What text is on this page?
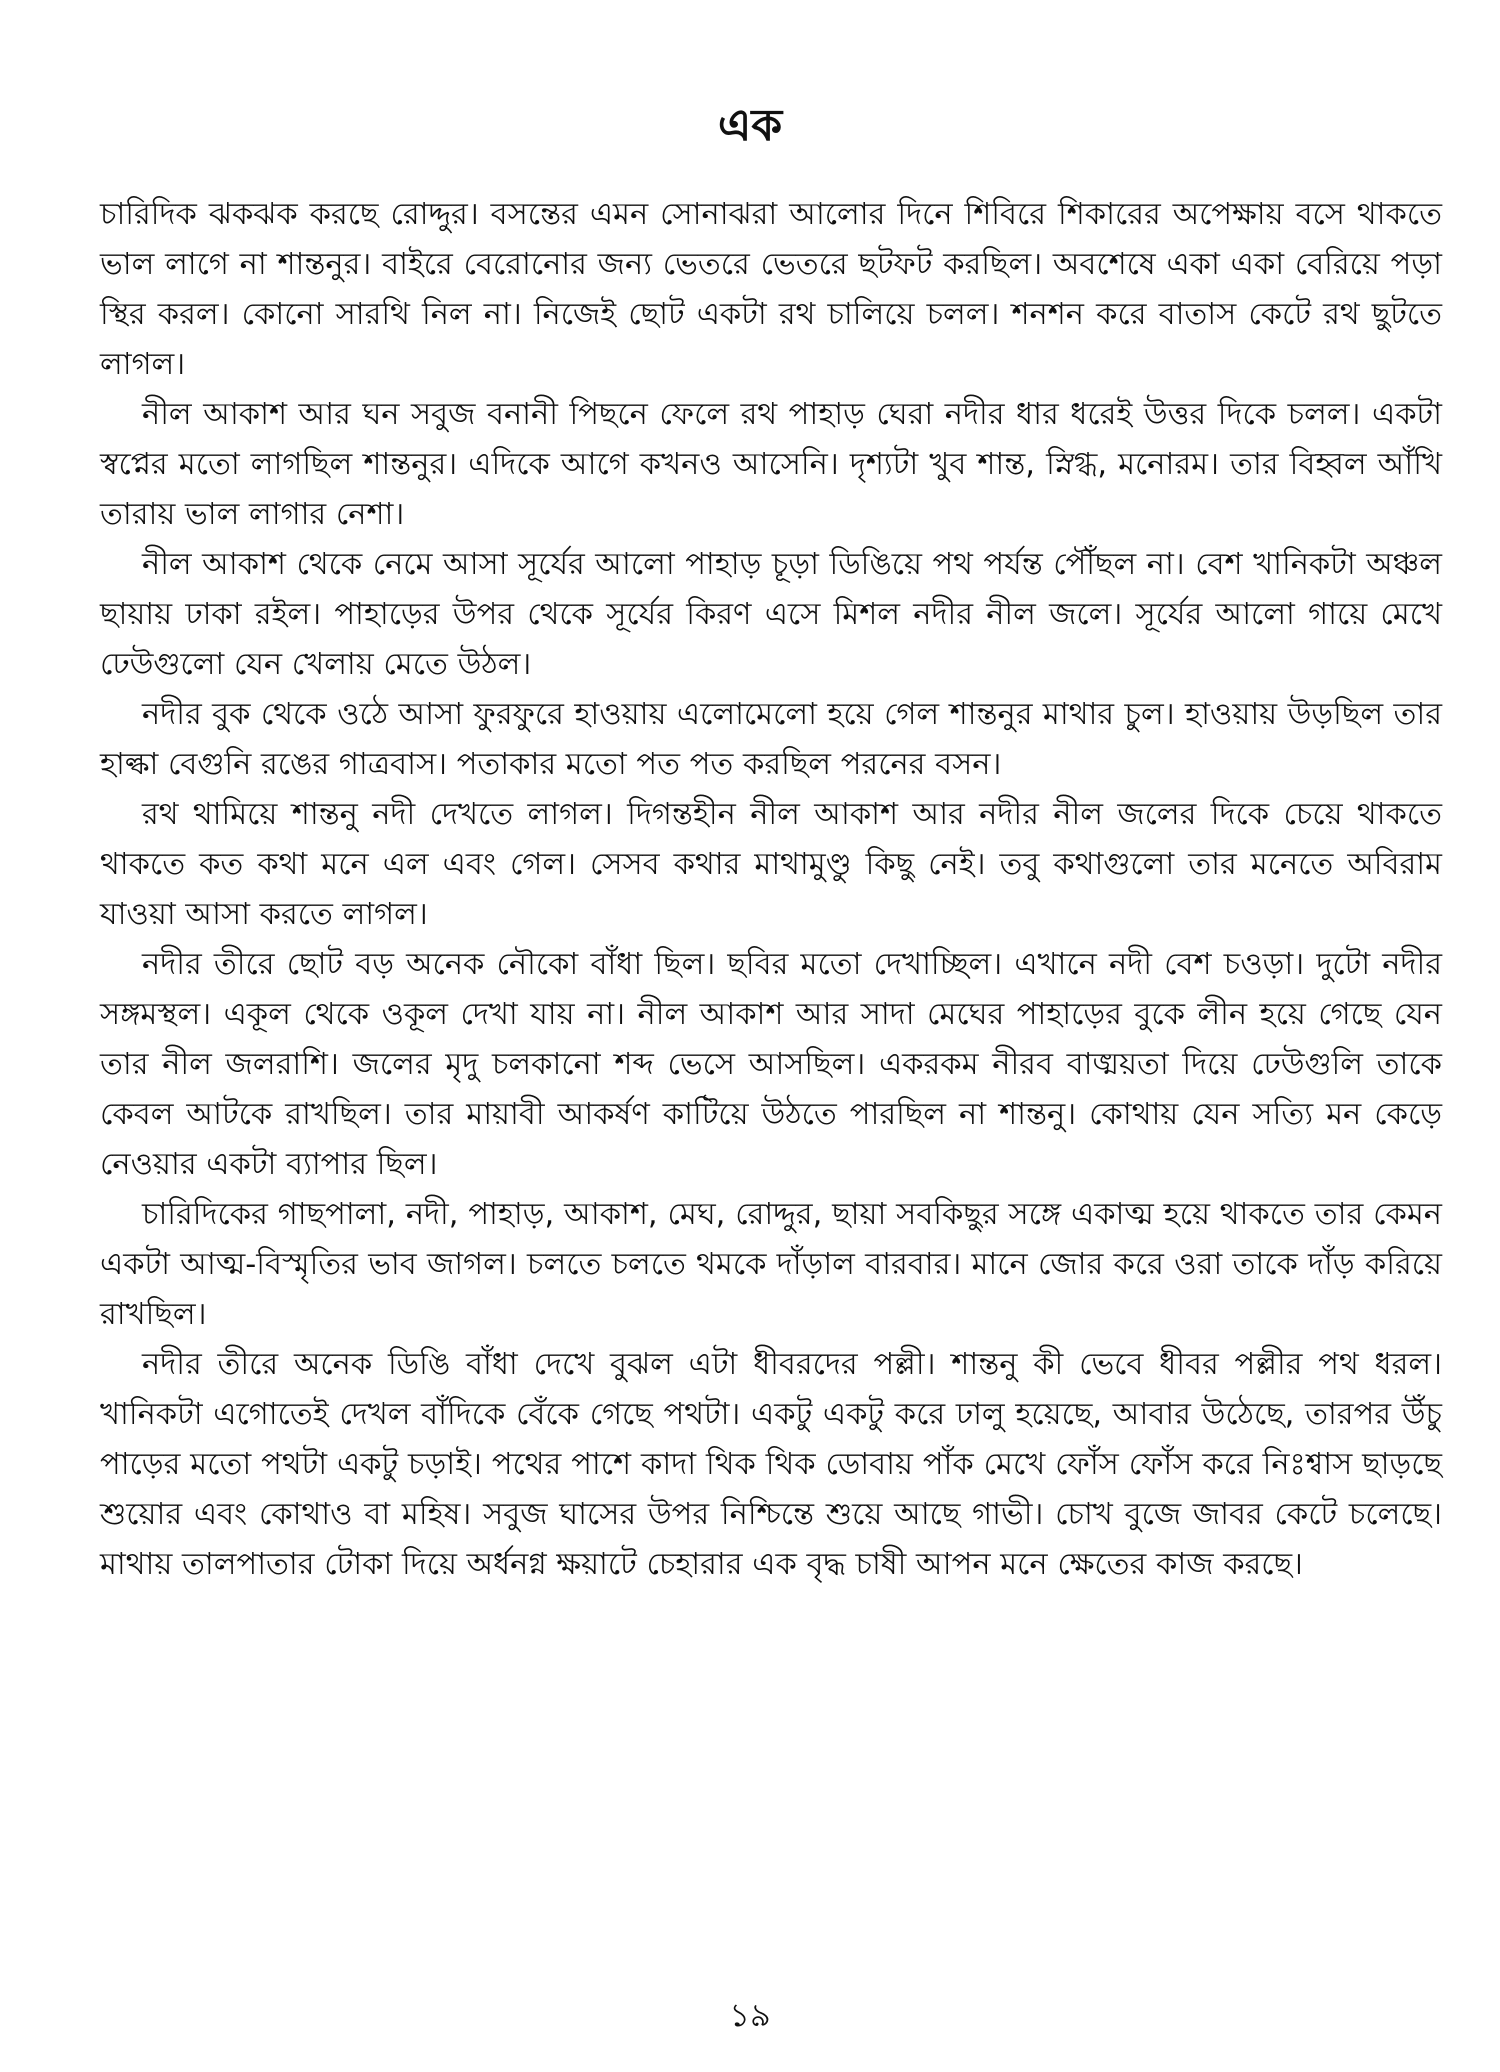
এক

চারিদিক ঝকঝক করছে রোদ্দুর। বসন্তের এমন সোনাঝরা আলোর দিনে শিবিরে শিকারের অপেক্ষায় বসে থাকতে ভাল লাগে না শান্তনুর। বাইরে বেরোনোর জন্য ভেতরে ভেতরে ছটফট করছিল। অবশেষে একা একা বেরিয়ে পড়া স্থির করল। কোনো সারথি নিল না। নিজেই ছোট একটা রথ চালিয়ে চলল। শনশন করে বাতাস কেটে রথ ছুটতে লাগল।

নীল আকাশ আর ঘন সবুজ বনানী পিছনে ফেলে রথ পাহাড় ঘেরা নদীর ধার ধরেই উত্তর দিকে চলল। একটা স্বপ্নের মতো লাগছিল শান্তনুর। এদিকে আগে কখনও আসেনি। দৃশ্যটা খুব শান্ত, স্নিগ্ধ, মনোরম। তার বিহ্বল আঁখি তারায় ভাল লাগার নেশা।

নীল আকাশ থেকে নেমে আসা সূর্যের আলো পাহাড় চূড়া ডিঙিয়ে পথ পর্যন্ত পৌঁছল না। বেশ খানিকটা অঞ্চল ছায়ায় ঢাকা রইল। পাহাড়ের উপর থেকে সূর্যের কিরণ এসে মিশল নদীর নীল জলে। সূর্যের আলো গায়ে মেখে ঢেউগুলো যেন খেলায় মেতে উঠল।

নদীর বুক থেকে ওঠে আসা ফুরফুরে হাওয়ায় এলোমেলো হয়ে গেল শান্তনুর মাথার চুল। হাওয়ায় উড়ছিল তার হাল্কা বেগুনি রঙের গাত্রবাস। পতাকার মতো পত পত করছিল পরনের বসন।

রথ থামিয়ে শান্তনু নদী দেখতে লাগল। দিগন্তহীন নীল আকাশ আর নদীর নীল জলের দিকে চেয়ে থাকতে থাকতে কত কথা মনে এল এবং গেল। সেসব কথার মাথামুণ্ডু কিছু নেই। তবু কথাগুলো তার মনেতে অবিরাম যাওয়া আসা করতে লাগল।

নদীর তীরে ছোট বড় অনেক নৌকো বাঁধা ছিল। ছবির মতো দেখাচ্ছিল। এখানে নদী বেশ চওড়া। দুটো নদীর সঙ্গমস্থল। একূল থেকে ওকূল দেখা যায় না। নীল আকাশ আর সাদা মেঘের পাহাড়ের বুকে লীন হয়ে গেছে যেন তার নীল জলরাশি। জলের মৃদু চলকানো শব্দ ভেসে আসছিল। একরকম নীরব বাঙ্ময়তা দিয়ে ঢেউগুলি তাকে কেবল আটকে রাখছিল। তার মায়াবী আকর্ষণ কাটিয়ে উঠতে পারছিল না শান্তনু। কোথায় যেন সত্যি মন কেড়ে নেওয়ার একটা ব্যাপার ছিল।

চারিদিকের গাছপালা, নদী, পাহাড়, আকাশ, মেঘ, রোদ্দুর, ছায়া সবকিছুর সঙ্গে একাত্ম হয়ে থাকতে তার কেমন একটা আত্ম-বিস্মৃতির ভাব জাগল। চলতে চলতে থমকে দাঁড়াল বারবার। মানে জোর করে ওরা তাকে দাঁড় করিয়ে রাখছিল।

নদীর তীরে অনেক ডিঙি বাঁধা দেখে বুঝল এটা ধীবরদের পল্লী। শান্তনু কী ভেবে ধীবর পল্লীর পথ ধরল। খানিকটা এগোতেই দেখল বাঁদিকে বেঁকে গেছে পথটা। একটু একটু করে ঢালু হয়েছে, আবার উঠেছে, তারপর উঁচু পাড়ের মতো পথটা একটু চড়াই। পথের পাশে কাদা থিক থিক ডোবায় পাঁক মেখে ফোঁস ফোঁস করে নিঃশ্বাস ছাড়ছে শুয়োর এবং কোথাও বা মহিষ। সবুজ ঘাসের উপর নিশ্চিন্তে শুয়ে আছে গাভী। চোখ বুজে জাবর কেটে চলেছে। মাথায় তালপাতার টোকা দিয়ে অর্ধনগ্ন ক্ষয়াটে চেহারার এক বৃদ্ধ চাষী আপন মনে ক্ষেতের কাজ করছে।

১৯
